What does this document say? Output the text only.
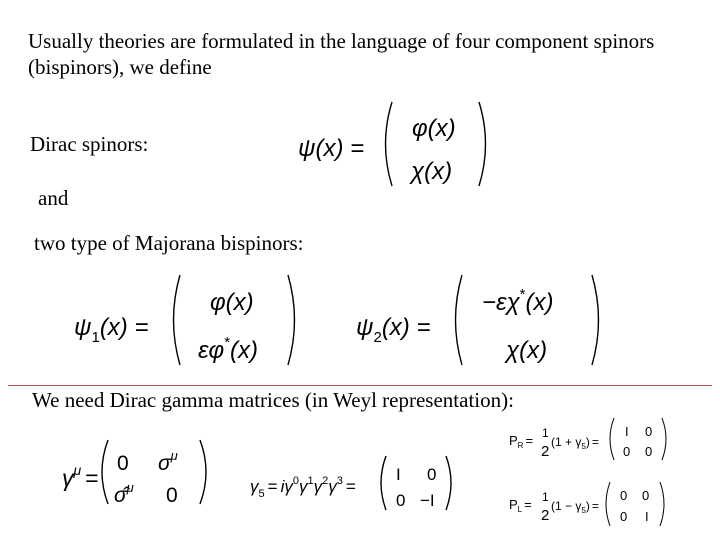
Usually theories are formulated in the language of four component spinors (bispinors), we define
Dirac spinors:
and
two type of Majorana bispinors:
We need Dirac gamma matrices (in Weyl representation):
ψ(x) =
φ(x)
χ(x)
$\psi_1(x)$ =
φ(x)
εφ*(x)
$\psi_2(x)$ =
−εχ*(x)
χ(x)
$\gamma^\mu$ =
0 $\sigma^\mu$
σ̂$^\mu$ 0	$\gamma_5 = i\gamma^0\gamma^1\gamma^2\gamma^3$ =
I 0
0 −I
$P_R = 1$
2
$(1 + \gamma_5)$ =
I 0
0 0
$P_L = 1$
2
$(1 - \gamma_5)$ =
0 0
0 I
